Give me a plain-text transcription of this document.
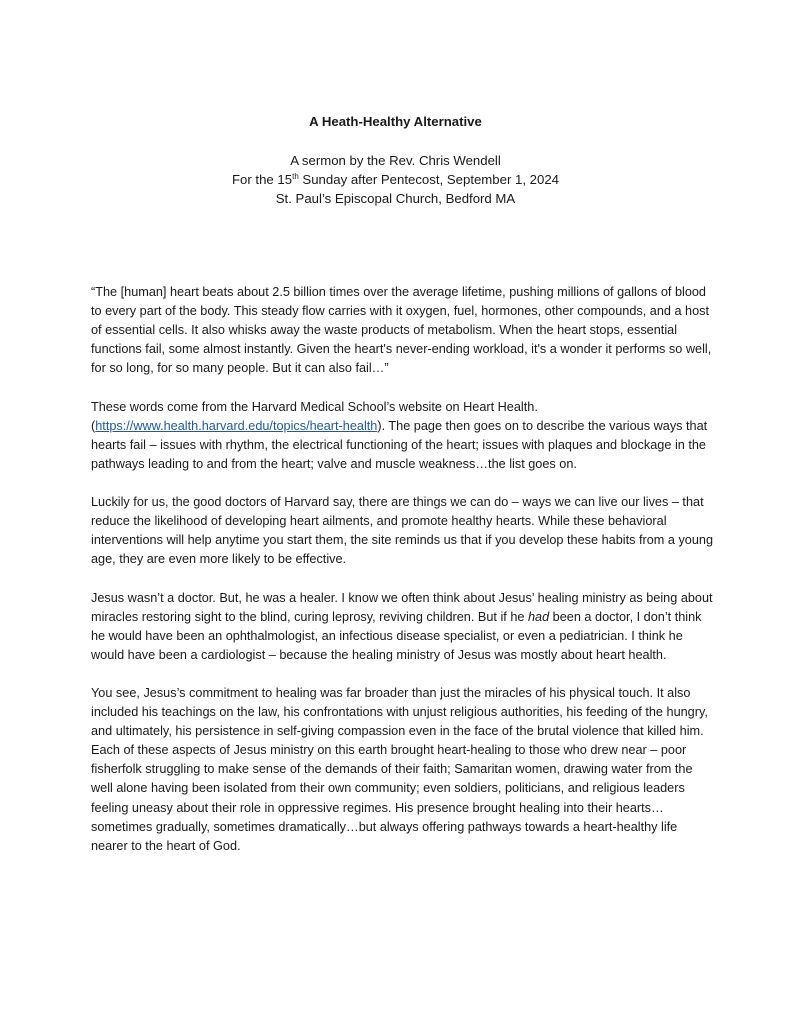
A Heath-Healthy Alternative
A sermon by the Rev. Chris Wendell
For the 15th Sunday after Pentecost, September 1, 2024
St. Paul’s Episcopal Church, Bedford MA

“The [human] heart beats about 2.5 billion times over the average lifetime, pushing millions of gallons of blood to every part of the body. This steady flow carries with it oxygen, fuel, hormones, other compounds, and a host of essential cells. It also whisks away the waste products of metabolism. When the heart stops, essential functions fail, some almost instantly. Given the heart's never-ending workload, it's a wonder it performs so well, for so long, for so many people. But it can also fail…”

These words come from the Harvard Medical School’s website on Heart Health. (https://www.health.harvard.edu/topics/heart-health). The page then goes on to describe the various ways that hearts fail – issues with rhythm, the electrical functioning of the heart; issues with plaques and blockage in the pathways leading to and from the heart; valve and muscle weakness…the list goes on.

Luckily for us, the good doctors of Harvard say, there are things we can do – ways we can live our lives – that reduce the likelihood of developing heart ailments, and promote healthy hearts. While these behavioral interventions will help anytime you start them, the site reminds us that if you develop these habits from a young age, they are even more likely to be effective.

Jesus wasn’t a doctor. But, he was a healer. I know we often think about Jesus’ healing ministry as being about miracles restoring sight to the blind, curing leprosy, reviving children. But if he had been a doctor, I don’t think he would have been an ophthalmologist, an infectious disease specialist, or even a pediatrician. I think he would have been a cardiologist – because the healing ministry of Jesus was mostly about heart health.

You see, Jesus’s commitment to healing was far broader than just the miracles of his physical touch. It also included his teachings on the law, his confrontations with unjust religious authorities, his feeding of the hungry, and ultimately, his persistence in self-giving compassion even in the face of the brutal violence that killed him. Each of these aspects of Jesus ministry on this earth brought heart-healing to those who drew near – poor fisherfolk struggling to make sense of the demands of their faith; Samaritan women, drawing water from the well alone having been isolated from their own community; even soldiers, politicians, and religious leaders feeling uneasy about their role in oppressive regimes. His presence brought healing into their hearts…sometimes gradually, sometimes dramatically…but always offering pathways towards a heart-healthy life nearer to the heart of God.
